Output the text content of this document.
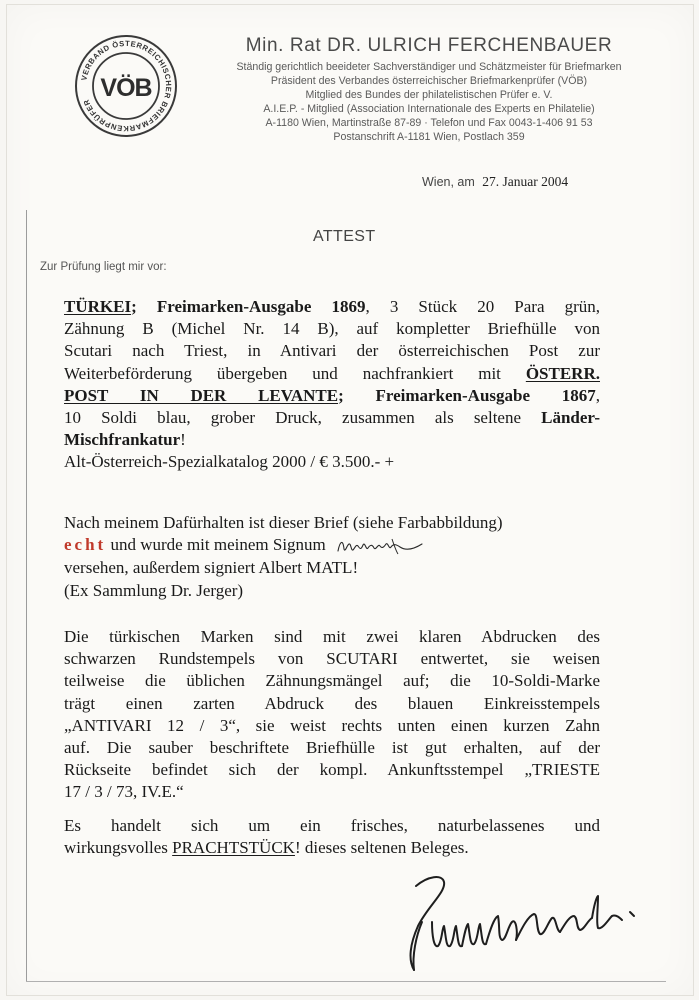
VERBAND ÖSTERREICHISCHER BRIEFMARKENPRÜFER
VÖB
Min. Rat DR. ULRICH FERCHENBAUER
Ständig gerichtlich beeideter Sachverständiger und Schätzmeister für Briefmarken
Präsident des Verbandes österreichischer Briefmarkenprüfer (VÖB)
Mitglied des Bundes der philatelistischen Prüfer e. V.
A.I.E.P. - Mitglied (Association Internationale des Experts en Philatelie)
A-1180 Wien, Martinstraße 87-89 · Telefon und Fax 0043-1-406 91 53
Postanschrift A-1181 Wien, Postlach 359
Wien, am 27. Januar 2004
ATTEST
Zur Prüfung liegt mir vor:
TÜRKEI; Freimarken-Ausgabe 1869, 3 Stück 20 Para grün,
Zähnung B (Michel Nr. 14 B), auf kompletter Briefhülle von
Scutari nach Triest, in Antivari der österreichischen Post zur
Weiterbeförderung übergeben und nachfrankiert mit ÖSTERR.
POST IN DER LEVANTE; Freimarken-Ausgabe 1867,
10 Soldi blau, grober Druck, zusammen als seltene Länder-
Mischfrankatur!
Alt-Österreich-Spezialkatalog 2000 / € 3.500.- +
Nach meinem Dafürhalten ist dieser Brief (siehe Farbabbildung)
echt und wurde mit meinem Signum
versehen, außerdem signiert Albert MATL!
(Ex Sammlung Dr. Jerger)
Die türkischen Marken sind mit zwei klaren Abdrucken des
schwarzen Rundstempels von SCUTARI entwertet, sie weisen
teilweise die üblichen Zähnungsmängel auf; die 10-Soldi-Marke
trägt einen zarten Abdruck des blauen Einkreisstempels
„ANTIVARI 12 / 3“, sie weist rechts unten einen kurzen Zahn
auf. Die sauber beschriftete Briefhülle ist gut erhalten, auf der
Rückseite befindet sich der kompl. Ankunftsstempel „TRIESTE
17 / 3 / 73, IV.E.“
Es handelt sich um ein frisches, naturbelassenes und
wirkungsvolles PRACHTSTÜCK! dieses seltenen Beleges.
